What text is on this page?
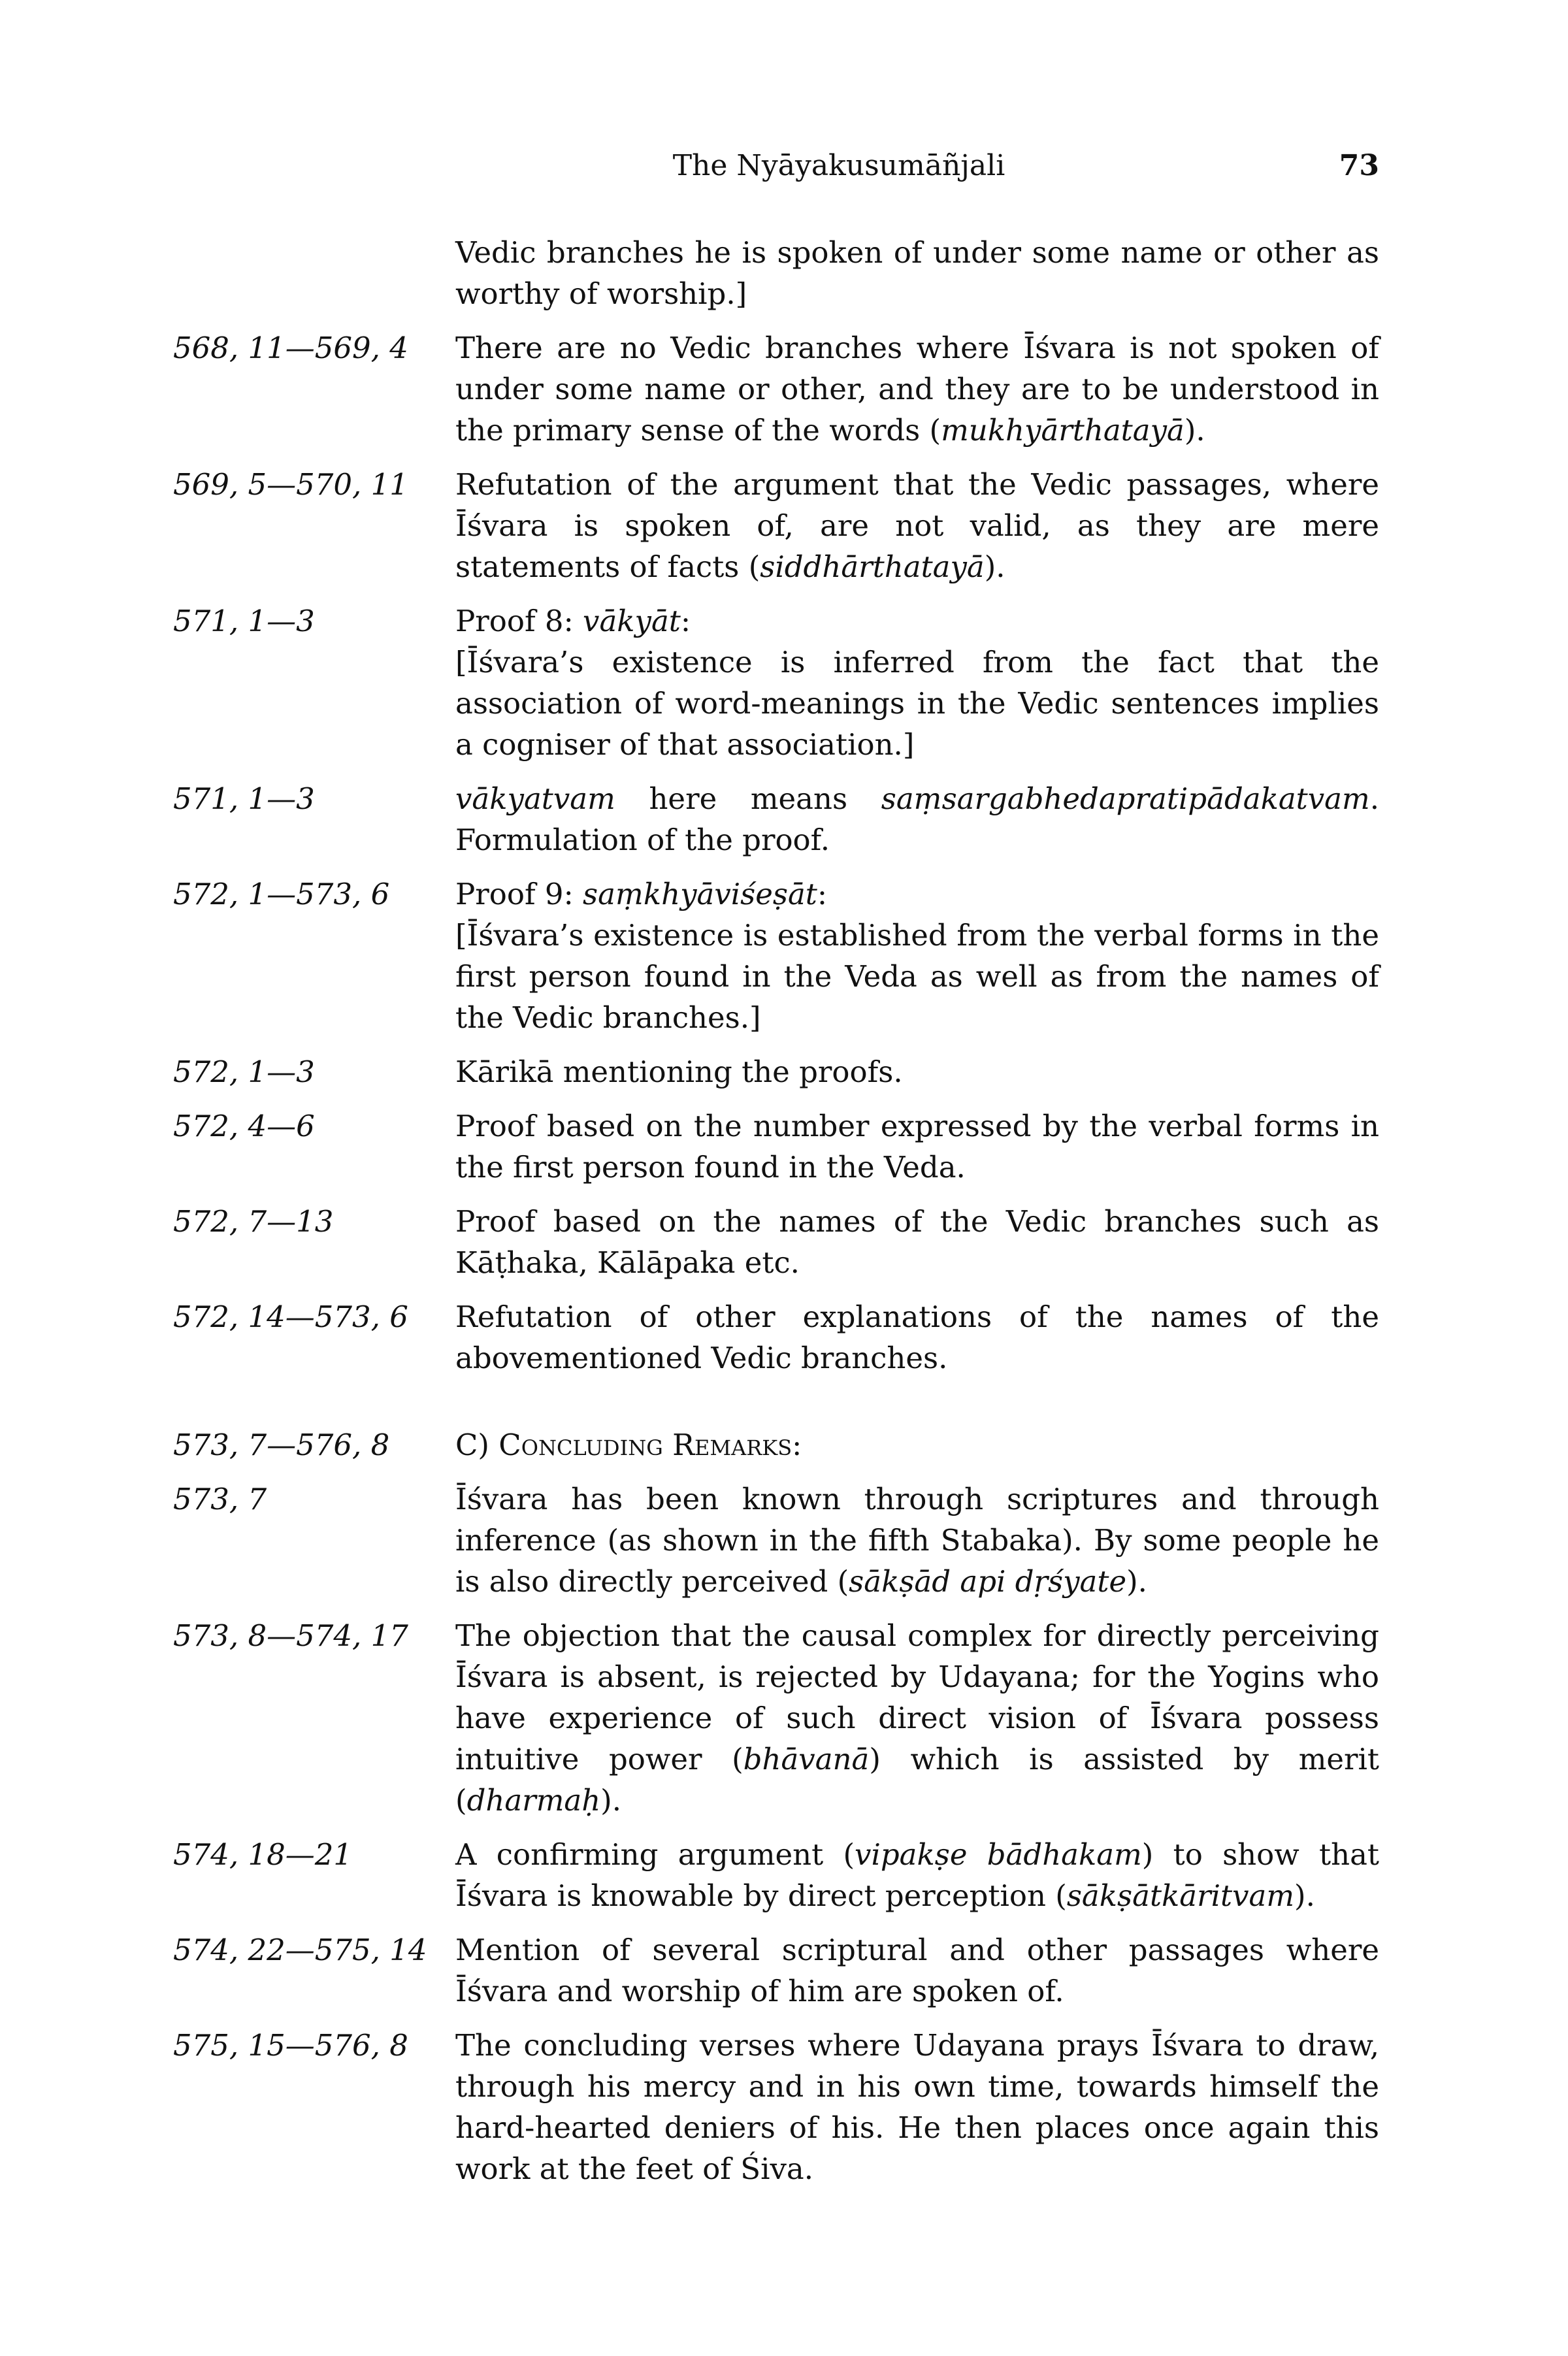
The Nyāyakusumāñjali	73
Vedic branches he is spoken of under some name or other as worthy of worship.]
568, 11—569, 4	There are no Vedic branches where Īśvara is not spoken of under some name or other, and they are to be understood in the primary sense of the words (mukhyārthatayā).
569, 5—570, 11	Refutation of the argument that the Vedic passages, where Īśvara is spoken of, are not valid, as they are mere statements of facts (siddhārthatayā).
571, 1—3	Proof 8: vākyāt:
[Īśvara’s existence is inferred from the fact that the association of word-meanings in the Vedic sentences implies a cogniser of that association.]
571, 1—3	vākyatvam here means saṃsargabhedapratipādakatvam. Formulation of the proof.
572, 1—573, 6	Proof 9: saṃkhyāviśeṣāt:
[Īśvara’s existence is established from the verbal forms in the first person found in the Veda as well as from the names of the Vedic branches.]
572, 1—3	Kārikā mentioning the proofs.
572, 4—6	Proof based on the number expressed by the verbal forms in the first person found in the Veda.
572, 7—13	Proof based on the names of the Vedic branches such as Kāṭhaka, Kālāpaka etc.
572, 14—573, 6	Refutation of other explanations of the names of the abovementioned Vedic branches.
573, 7—576, 8	C) Concluding Remarks:
573, 7	Īśvara has been known through scriptures and through inference (as shown in the fifth Stabaka). By some people he is also directly perceived (sākṣād api dṛśyate).
573, 8—574, 17	The objection that the causal complex for directly perceiving Īśvara is absent, is rejected by Udayana; for the Yogins who have experience of such direct vision of Īśvara possess intuitive power (bhāvanā) which is assisted by merit (dharmaḥ).
574, 18—21	A confirming argument (vipakṣe bādhakam) to show that Īśvara is knowable by direct perception (sākṣātkāritvam).
574, 22—575, 14 Mention of several scriptural and other passages where Īśvara and worship of him are spoken of.
575, 15—576, 8	The concluding verses where Udayana prays Īśvara to draw, through his mercy and in his own time, towards himself the hard-hearted deniers of his. He then places once again this work at the feet of Śiva.
